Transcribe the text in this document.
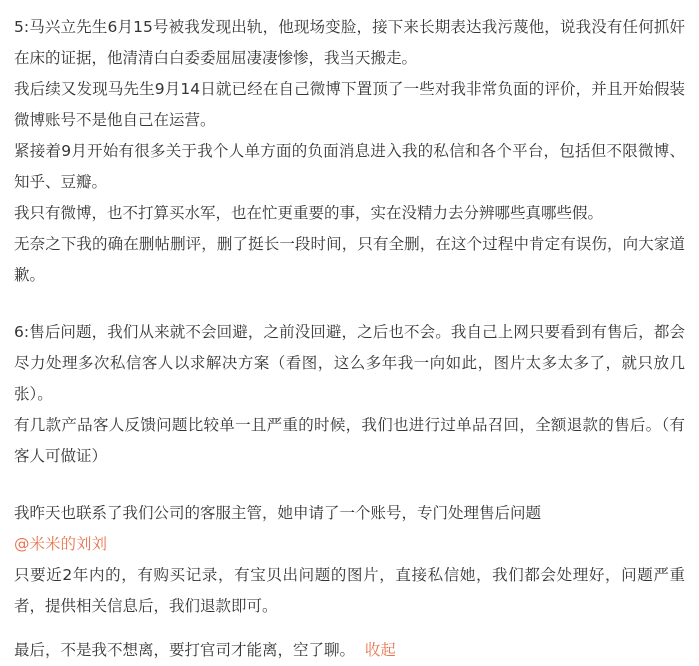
5:马兴立先生6月15号被我发现出轨，他现场变脸，接下来长期表达我污蔑他，说我没有任何抓奸在床的证据，他清清白白委委屈屈凄凄惨惨，我当天搬走。

我后续又发现马先生9月14日就已经在自己微博下置顶了一些对我非常负面的评价，并且开始假装微博账号不是他自己在运营。

紧接着9月开始有很多关于我个人单方面的负面消息进入我的私信和各个平台，包括但不限微博、知乎、豆瓣。

我只有微博，也不打算买水军，也在忙更重要的事，实在没精力去分辨哪些真哪些假。

无奈之下我的确在删帖删评，删了挺长一段时间，只有全删，在这个过程中肯定有误伤，向大家道歉。

6:售后问题，我们从来就不会回避，之前没回避，之后也不会。我自己上网只要看到有售后，都会尽力处理多次私信客人以求解决方案（看图，这么多年我一向如此，图片太多太多了，就只放几张）。

有几款产品客人反馈问题比较单一且严重的时候，我们也进行过单品召回，全额退款的售后。（有客人可做证）

我昨天也联系了我们公司的客服主管，她申请了一个账号，专门处理售后问题

@米米的刘刘

只要近2年内的，有购买记录，有宝贝出问题的图片，直接私信她，我们都会处理好，问题严重者，提供相关信息后，我们退款即可。

最后，不是我不想离，要打官司才能离，空了聊。 收起
